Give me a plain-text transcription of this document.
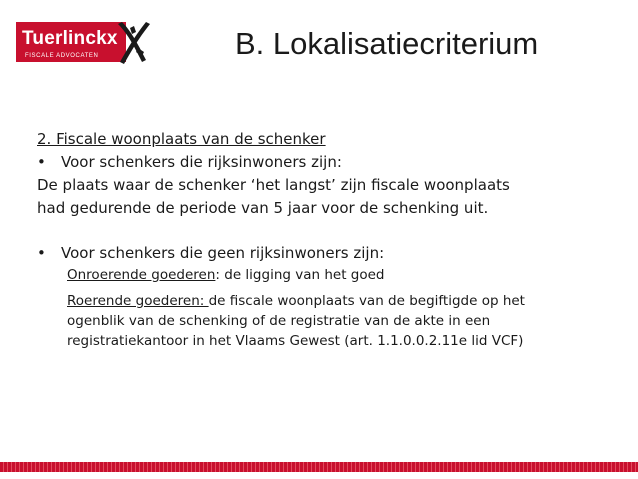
Tuerlinckx
FISCALE ADVOCATEN	B. Lokalisatiecriterium
2. Fiscale woonplaats van de schenker
•	Voor schenkers die rijksinwoners zijn:
De plaats waar de schenker ‘het langst’ zijn fiscale woonplaats
had gedurende de periode van 5 jaar voor de schenking uit.
•	Voor schenkers die geen rijksinwoners zijn:
Onroerende goederen: de ligging van het goed
Roerende goederen: de fiscale woonplaats van de begiftigde op het
ogenblik van de schenking of de registratie van de akte in een
registratiekantoor in het Vlaams Gewest (art. 1.1.0.0.2.11e lid VCF)
